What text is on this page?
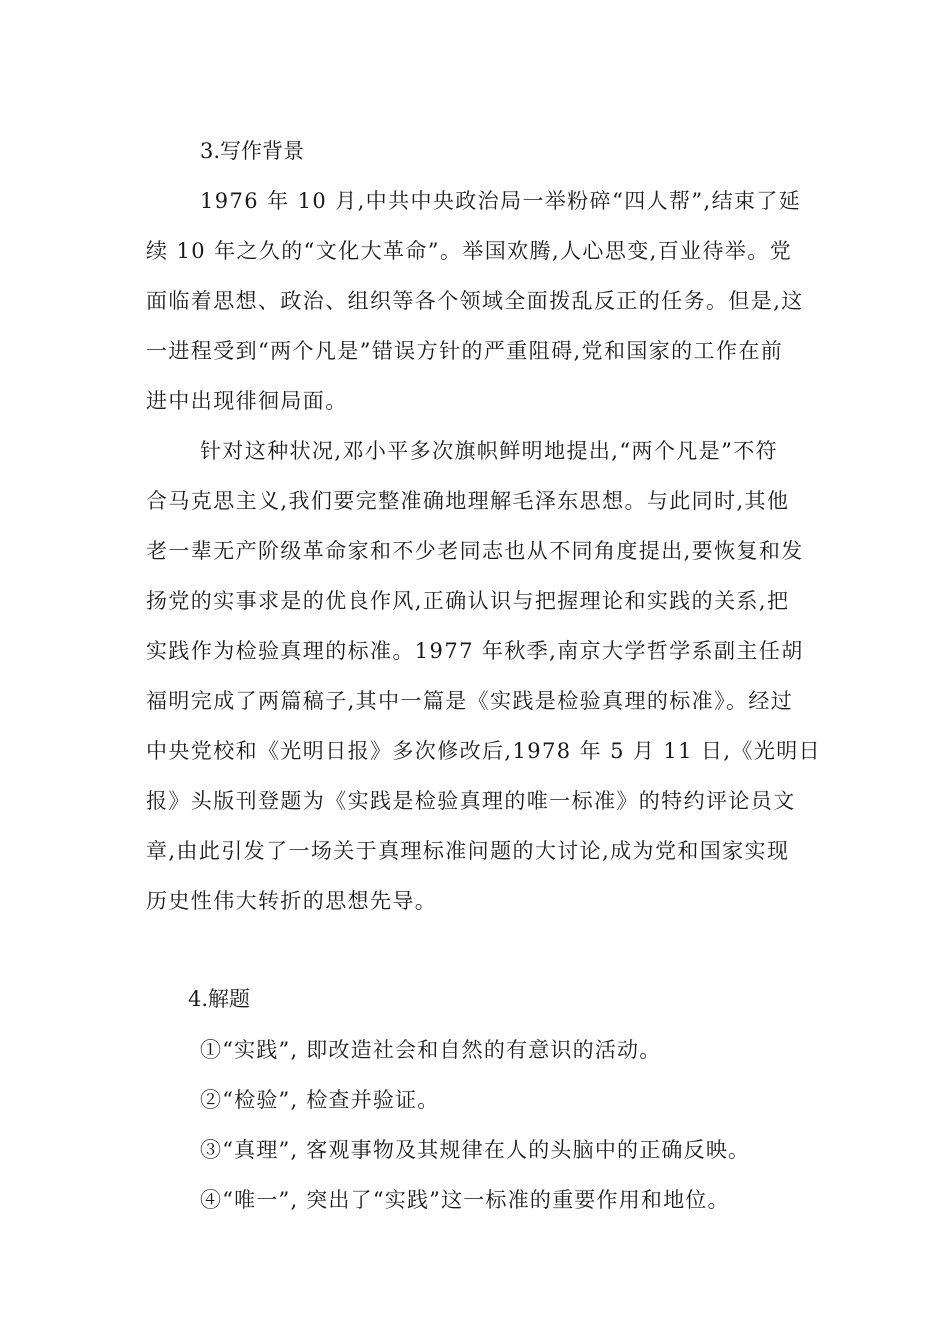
3.写作背景
1976 年 10 月,中共中央政治局一举粉碎“四人帮”,结束了延
续 10 年之久的“文化大革命”。举国欢腾,人心思变,百业待举。党
面临着思想、政治、组织等各个领域全面拨乱反正的任务。但是,这
一进程受到“两个凡是”错误方针的严重阻碍,党和国家的工作在前
进中出现徘徊局面。
针对这种状况,邓小平多次旗帜鲜明地提出,“两个凡是”不符
合马克思主义,我们要完整准确地理解毛泽东思想。与此同时,其他
老一辈无产阶级革命家和不少老同志也从不同角度提出,要恢复和发
扬党的实事求是的优良作风,正确认识与把握理论和实践的关系,把
实践作为检验真理的标准。1977 年秋季,南京大学哲学系副主任胡
福明完成了两篇稿子,其中一篇是《实践是检验真理的标准》。经过
中央党校和《光明日报》多次修改后,1978 年 5 月 11 日,《光明日
报》头版刊登题为《实践是检验真理的唯一标准》的特约评论员文
章,由此引发了一场关于真理标准问题的大讨论,成为党和国家实现
历史性伟大转折的思想先导。
4.解题
①“实践”, 即改造社会和自然的有意识的活动。
②“检验”, 检查并验证。
③“真理”, 客观事物及其规律在人的头脑中的正确反映。
④“唯一”, 突出了“实践”这一标准的重要作用和地位。
